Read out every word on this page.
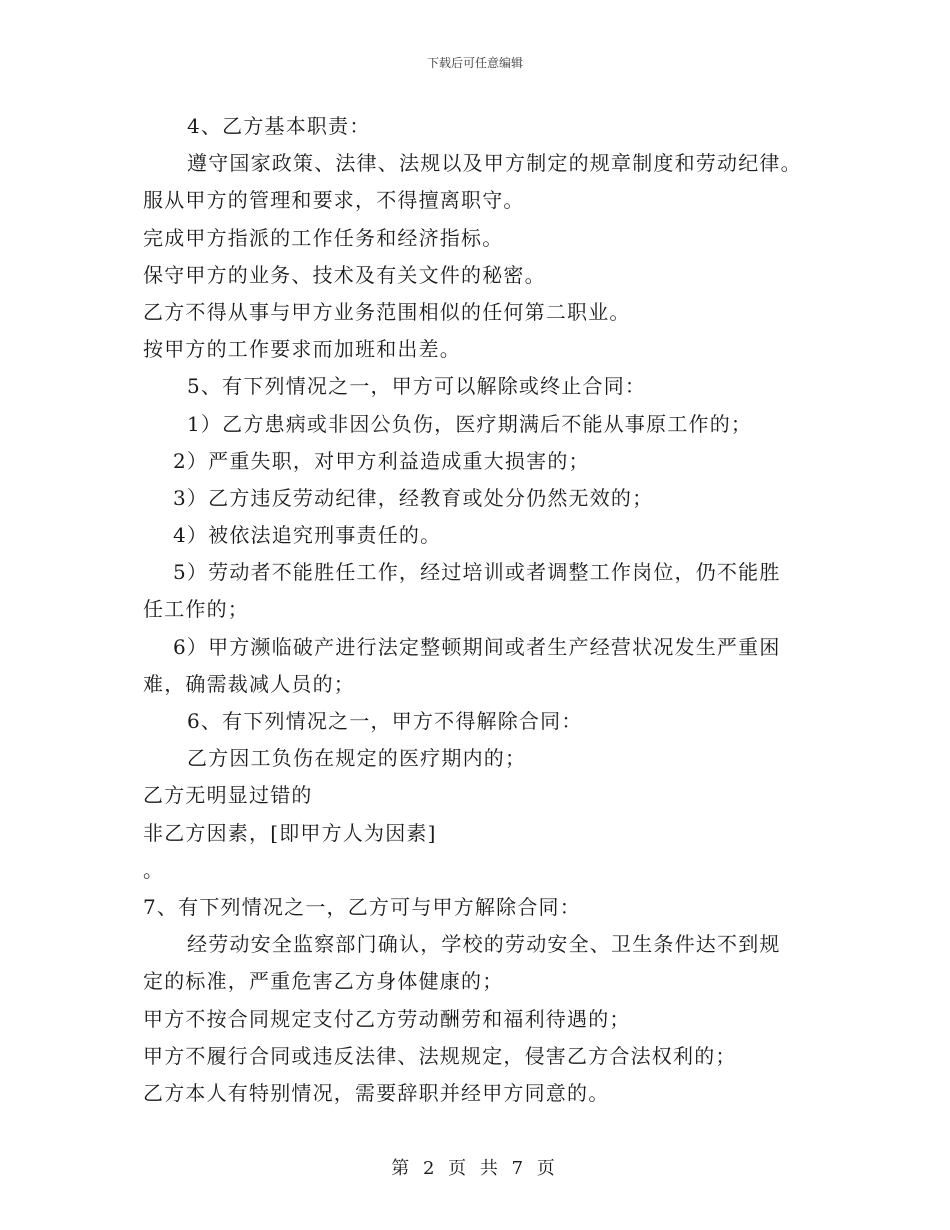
下载后可任意编辑
4、乙方基本职责：
遵守国家政策、法律、法规以及甲方制定的规章制度和劳动纪律。
服从甲方的管理和要求，不得擅离职守。
完成甲方指派的工作任务和经济指标。
保守甲方的业务、技术及有关文件的秘密。
乙方不得从事与甲方业务范围相似的任何第二职业。
按甲方的工作要求而加班和出差。
5、有下列情况之一，甲方可以解除或终止合同：
1）乙方患病或非因公负伤，医疗期满后不能从事原工作的；
2）严重失职，对甲方利益造成重大损害的；
3）乙方违反劳动纪律，经教育或处分仍然无效的；
4）被依法追究刑事责任的。
5）劳动者不能胜任工作，经过培训或者调整工作岗位，仍不能胜
任工作的；
6）甲方濒临破产进行法定整顿期间或者生产经营状况发生严重困
难，确需裁减人员的；
6、有下列情况之一，甲方不得解除合同：
乙方因工负伤在规定的医疗期内的；
乙方无明显过错的
非乙方因素，[即甲方人为因素]
。
7、有下列情况之一，乙方可与甲方解除合同：
经劳动安全监察部门确认，学校的劳动安全、卫生条件达不到规
定的标准，严重危害乙方身体健康的；
甲方不按合同规定支付乙方劳动酬劳和福利待遇的；
甲方不履行合同或违反法律、法规规定，侵害乙方合法权利的；
乙方本人有特别情况，需要辞职并经甲方同意的。
第 2 页 共 7 页
